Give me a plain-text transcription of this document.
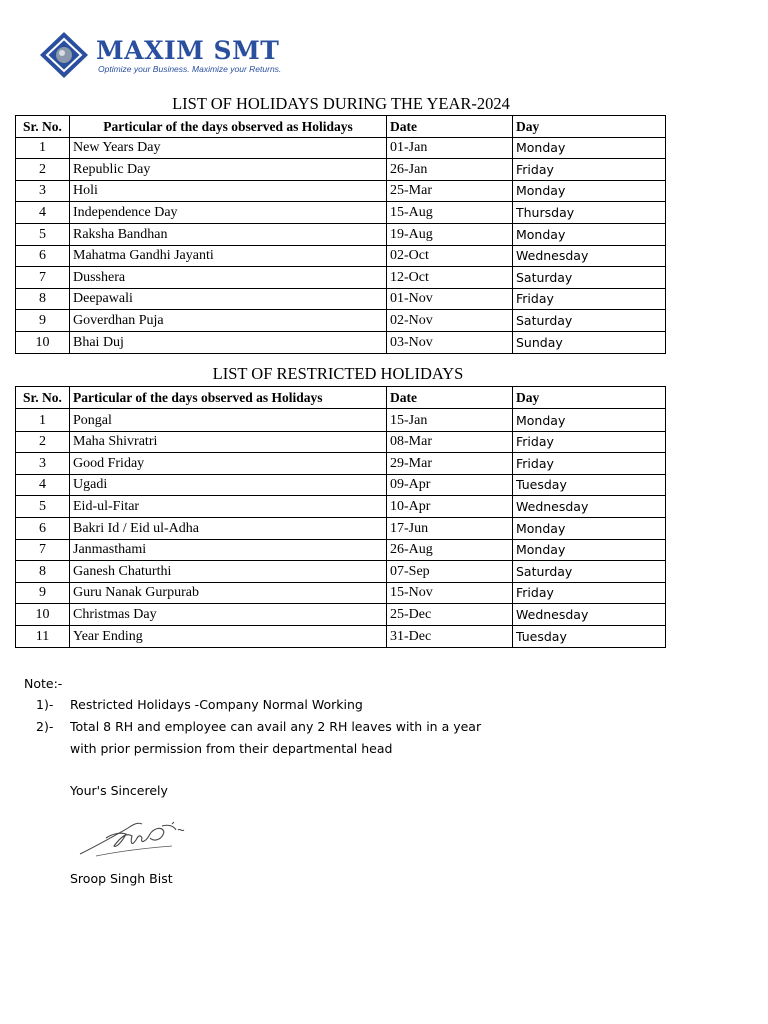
MAXIM SMT
Optimize your Business. Maximize your Returns.
LIST OF HOLIDAYS DURING THE YEAR-2024
Sr. No.	Particular of the days observed as Holidays	Date	Day
1	New Years Day	01-Jan	Monday
2	Republic Day	26-Jan	Friday
3	Holi	25-Mar	Monday
4	Independence Day	15-Aug	Thursday
5	Raksha Bandhan	19-Aug	Monday
6	Mahatma Gandhi Jayanti	02-Oct	Wednesday
7	Dusshera	12-Oct	Saturday
8	Deepawali	01-Nov	Friday
9	Goverdhan Puja	02-Nov	Saturday
10	Bhai Duj	03-Nov	Sunday
LIST OF RESTRICTED HOLIDAYS
Sr. No.	Particular of the days observed as Holidays	Date	Day
1	Pongal	15-Jan	Monday
2	Maha Shivratri	08-Mar	Friday
3	Good Friday	29-Mar	Friday
4	Ugadi	09-Apr	Tuesday
5	Eid-ul-Fitar	10-Apr	Wednesday
6	Bakri Id / Eid ul-Adha	17-Jun	Monday
7	Janmasthami	26-Aug	Monday
8	Ganesh Chaturthi	07-Sep	Saturday
9	Guru Nanak Gurpurab	15-Nov	Friday
10	Christmas Day	25-Dec	Wednesday
11	Year Ending	31-Dec	Tuesday
Note:-
1)- Restricted Holidays -Company Normal Working
2)- Total 8 RH and employee can avail any 2 RH leaves with in a year
with prior permission from their departmental head
Your's Sincerely
Sroop Singh Bist
